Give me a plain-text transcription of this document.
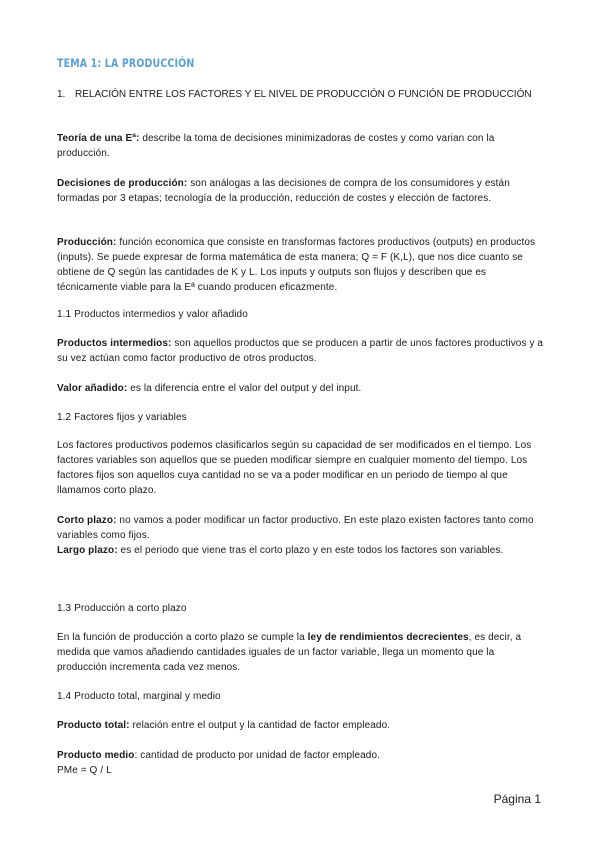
TEMA 1: LA PRODUCCIÓN
1. RELACIÓN ENTRE LOS FACTORES Y EL NIVEL DE PRODUCCIÓN O FUNCIÓN DE PRODUCCIÓN
Teoría de una Eª: describe la toma de decisiones minimizadoras de costes y como varian con la producción.
Decisiones de producción: son análogas a las decisiones de compra de los consumidores y están formadas por 3 etapas; tecnología de la producción, reducción de costes y elección de factores.
Producción: función economica que consiste en transformas factores productivos (outputs) en productos (inputs). Se puede expresar de forma matemática de esta manera; Q = F (K,L), que nos dice cuanto se obtiene de Q según las cantidades de K y L. Los inputs y outputs son flujos y describen que es técnicamente viable para la Eª cuando producen eficazmente.
1.1 Productos intermedios y valor añadido
Productos intermedios: son aquellos productos que se producen a partir de unos factores productivos y a su vez actúan como factor productivo de otros productos.
Valor añadido: es la diferencia entre el valor del output y del input.
1.2 Factores fijos y variables
Los factores productivos podemos clasificarlos según su capacidad de ser modificados en el tiempo. Los factores variables son aquellos que se pueden modificar siempre en cualquier momento del tiempo. Los factores fijos son aquellos cuya cantidad no se va a poder modificar en un periodo de tiempo al que llamamos corto plazo.
Corto plazo: no vamos a poder modificar un factor productivo. En este plazo existen factores tanto como variables como fijos.
Largo plazo: es el periodo que viene tras el corto plazo y en este todos los factores son variables.
1.3 Producción a corto plazo
En la función de producción a corto plazo se cumple la ley de rendimientos decrecientes, es decir, a medida que vamos añadiendo cantidades iguales de un factor variable, llega un momento que la producción incrementa cada vez menos.
1.4 Producto total, marginal y medio
Producto total: relación entre el output y la cantidad de factor empleado.
Producto medio: cantidad de producto por unidad de factor empleado.
PMe = Q / L
Página 1
